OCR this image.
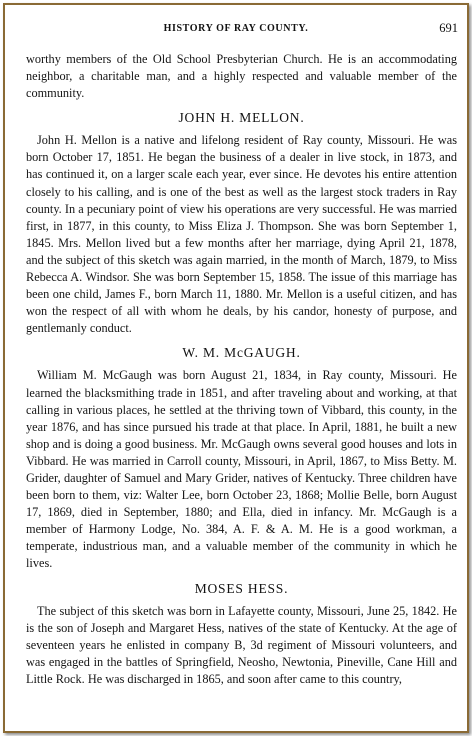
HISTORY OF RAY COUNTY.	691

worthy members of the Old School Presbyterian Church. He is an accommodating neighbor, a charitable man, and a highly respected and valuable member of the community.

JOHN H. MELLON.

John H. Mellon is a native and lifelong resident of Ray county, Missouri. He was born October 17, 1851. He began the business of a dealer in live stock, in 1873, and has continued it, on a larger scale each year, ever since. He devotes his entire attention closely to his calling, and is one of the best as well as the largest stock traders in Ray county. In a pecuniary point of view his operations are very successful. He was married first, in 1877, in this county, to Miss Eliza J. Thompson. She was born September 1, 1845. Mrs. Mellon lived but a few months after her marriage, dying April 21, 1878, and the subject of this sketch was again married, in the month of March, 1879, to Miss Rebecca A. Windsor. She was born September 15, 1858. The issue of this marriage has been one child, James F., born March 11, 1880. Mr. Mellon is a useful citizen, and has won the respect of all with whom he deals, by his candor, honesty of purpose, and gentlemanly conduct.

W. M. McGAUGH.

William M. McGaugh was born August 21, 1834, in Ray county, Missouri. He learned the blacksmithing trade in 1851, and after traveling about and working, at that calling in various places, he settled at the thriving town of Vibbard, this county, in the year 1876, and has since pursued his trade at that place. In April, 1881, he built a new shop and is doing a good business. Mr. McGaugh owns several good houses and lots in Vibbard. He was married in Carroll county, Missouri, in April, 1867, to Miss Betty. M. Grider, daughter of Samuel and Mary Grider, natives of Kentucky. Three children have been born to them, viz: Walter Lee, born October 23, 1868; Mollie Belle, born August 17, 1869, died in September, 1880; and Ella, died in infancy. Mr. McGaugh is a member of Harmony Lodge, No. 384, A. F. & A. M. He is a good workman, a temperate, industrious man, and a valuable member of the community in which he lives.

MOSES HESS.

The subject of this sketch was born in Lafayette county, Missouri, June 25, 1842. He is the son of Joseph and Margaret Hess, natives of the state of Kentucky. At the age of seventeen years he enlisted in company B, 3d regiment of Missouri volunteers, and was engaged in the battles of Springfield, Neosho, Newtonia, Pineville, Cane Hill and Little Rock. He was discharged in 1865, and soon after came to this country,
